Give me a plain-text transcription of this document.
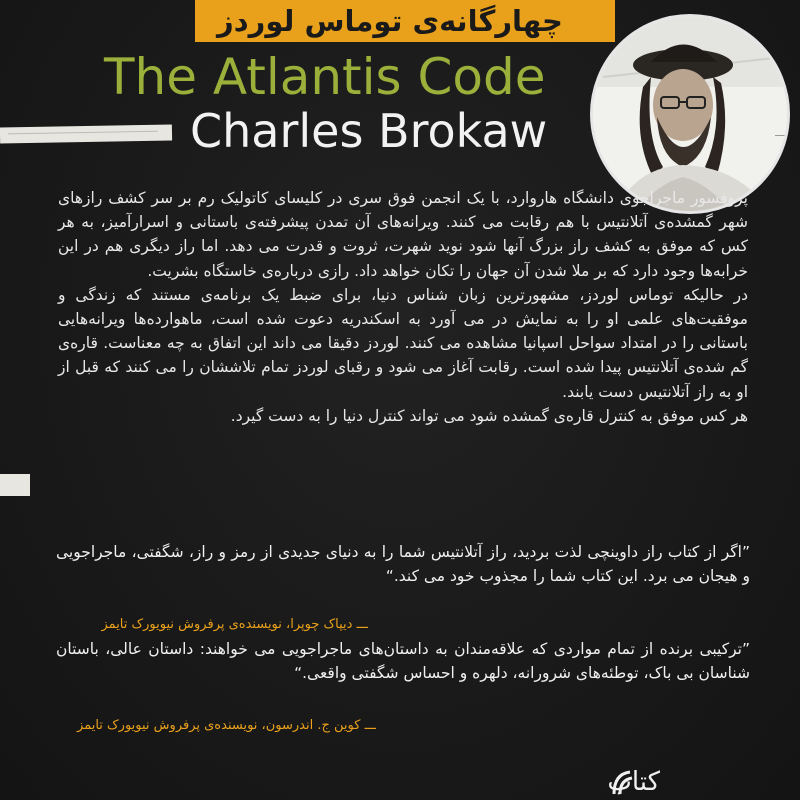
چهارگانه‌ی توماس لوردز
The Atlantis Code
Charles Brokaw

پروفسور ماجراجوی دانشگاه هاروارد، با یک انجمن فوق سری در کلیسای کاتولیک رم بر سر کشف رازهای شهر گمشده‌ی آتلانتیس با هم رقابت می کنند. ویرانه‌های آن تمدن پیشرفته‌ی باستانی و اسرارآمیز، به هر کس که موفق به کشف راز بزرگ آنها شود نوید شهرت، ثروت و قدرت می دهد. اما راز دیگری هم در این خرابه‌ها وجود دارد که بر ملا شدن آن جهان را تکان خواهد داد. رازی درباره‌ی خاستگاه بشریت.

در حالیکه توماس لوردز، مشهورترین زبان شناس دنیا، برای ضبط یک برنامه‌ی مستند که زندگی و موفقیت‌های علمی او را به نمایش در می آورد به اسکندریه دعوت شده است، ماهوارده‌ها ویرانه‌هایی باستانی را در امتداد سواحل اسپانیا مشاهده می کنند. لوردز دقیقا می داند این اتفاق به چه معناست. قاره‌ی گم شده‌ی آتلانتیس پیدا شده است. رقابت آغاز می شود و رقبای لوردز تمام تلاششان را می کنند که قبل از او به راز آتلانتیس دست یابند.

هر کس موفق به کنترل قاره‌ی گمشده شود می تواند کنترل دنیا را به دست گیرد.

”اگر از کتاب راز داوینچی لذت بردید، راز آتلانتیس شما را به دنیای جدیدی از رمز و راز، شگفتی، ماجراجویی و هیجان می برد. این کتاب شما را مجذوب خود می کند.“
ـــ دیپاک چوپرا، نویسنده‌ی پرفروش نیویورک تایمز
”ترکیبی برنده از تمام مواردی که علاقه‌مندان به داستان‌های ماجراجویی می خواهند: داستان عالی، باستان شناسان بی باک، توطئه‌های شرورانه، دلهره و احساس شگفتی واقعی.“
ـــ کوین ج. اندرسون، نویسنده‌ی پرفروش نیویورک تایمز
کتاب
